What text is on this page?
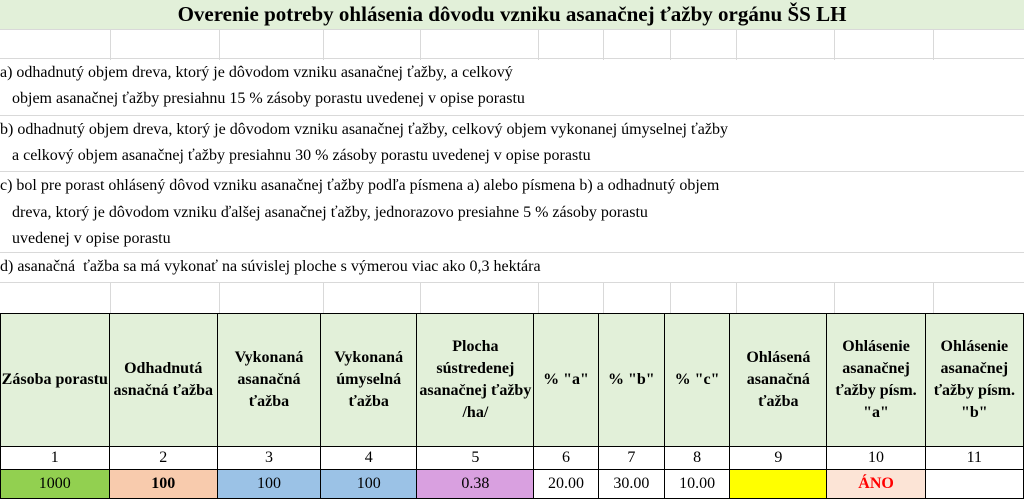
Overenie potreby ohlásenia dôvodu vzniku asanačnej ťažby orgánu ŠS LH
a) odhadnutý objem dreva, ktorý je dôvodom vzniku asanačnej ťažby, a celkový
objem asanačnej ťažby presiahnu 15 % zásoby porastu uvedenej v opise porastu
b) odhadnutý objem dreva, ktorý je dôvodom vzniku asanačnej ťažby, celkový objem vykonanej úmyselnej ťažby
a celkový objem asanačnej ťažby presiahnu 30 % zásoby porastu uvedenej v opise porastu
c) bol pre porast ohlásený dôvod vzniku asanačnej ťažby podľa písmena a) alebo písmena b) a odhadnutý objem
dreva, ktorý je dôvodom vzniku ďalšej asanačnej ťažby, jednorazovo presiahne 5 % zásoby porastu
uvedenej v opise porastu
d) asanačná  ťažba sa má vykonať na súvislej ploche s výmerou viac ako 0,3 hektára
Zásoba porastu	Odhadnutá asnačná ťažba	Vykonaná asanačná ťažba	Vykonaná úmyselná ťažba	Plocha sústredenej asanačnej ťažby /ha/	% "a"	% "b"	% "c"	Ohlásená asanačná ťažba	Ohlásenie asanačnej ťažby písm. "a"	Ohlásenie asanačnej ťažby písm. "b"
1	2	3	4	5	6	7	8	9	10	11
1000	100	100	100	0.38	20.00	30.00	10.00		ÁNO	
